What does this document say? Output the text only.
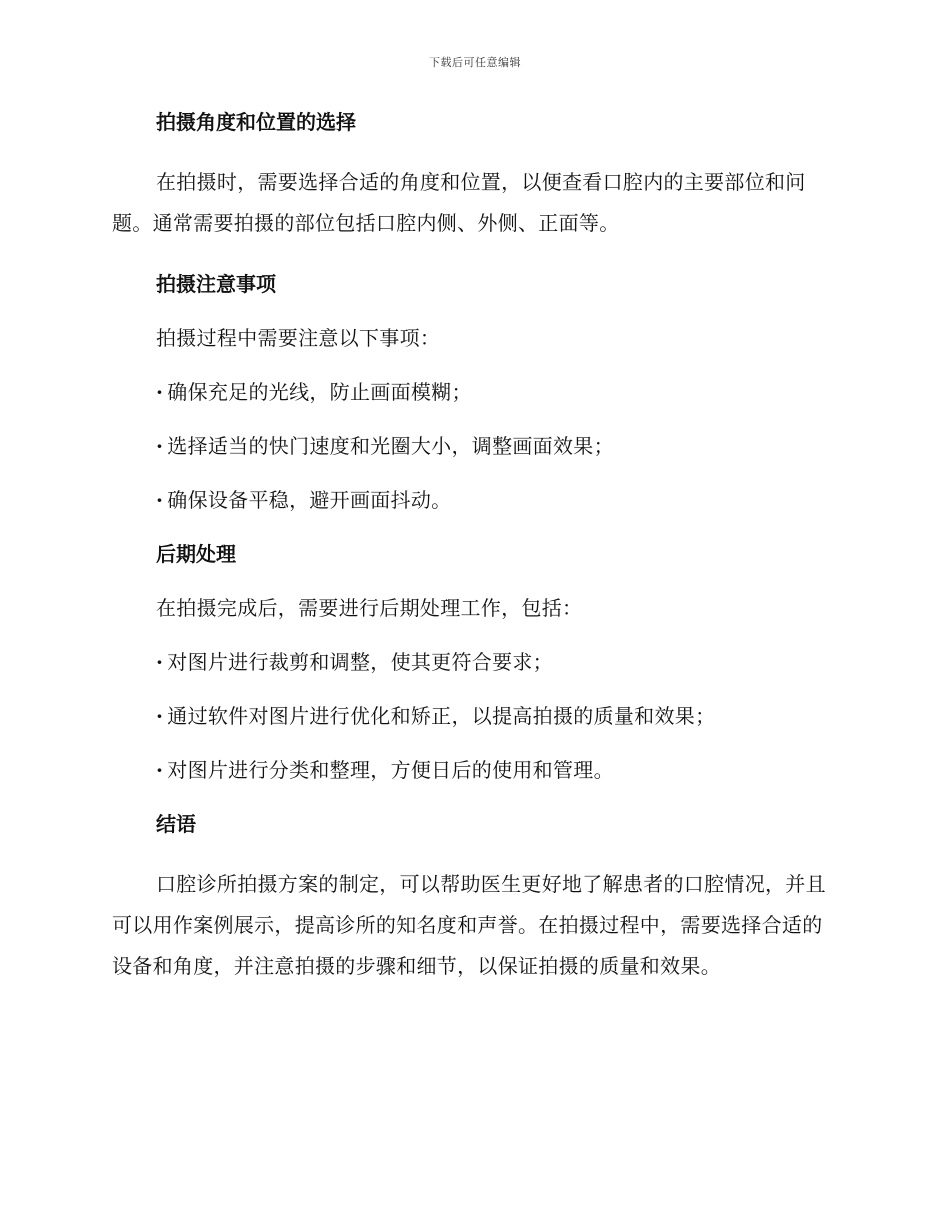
下载后可任意编辑
拍摄角度和位置的选择
在拍摄时，需要选择合适的角度和位置，以便查看口腔内的主要部位和问题。通常需要拍摄的部位包括口腔内侧、外侧、正面等。
拍摄注意事项
拍摄过程中需要注意以下事项：
· 确保充足的光线，防止画面模糊；
· 选择适当的快门速度和光圈大小，调整画面效果；
· 确保设备平稳，避开画面抖动。
后期处理
在拍摄完成后，需要进行后期处理工作，包括：
· 对图片进行裁剪和调整，使其更符合要求；
· 通过软件对图片进行优化和矫正，以提高拍摄的质量和效果；
· 对图片进行分类和整理，方便日后的使用和管理。
结语
口腔诊所拍摄方案的制定，可以帮助医生更好地了解患者的口腔情况，并且可以用作案例展示，提高诊所的知名度和声誉。在拍摄过程中，需要选择合适的设备和角度，并注意拍摄的步骤和细节，以保证拍摄的质量和效果。
